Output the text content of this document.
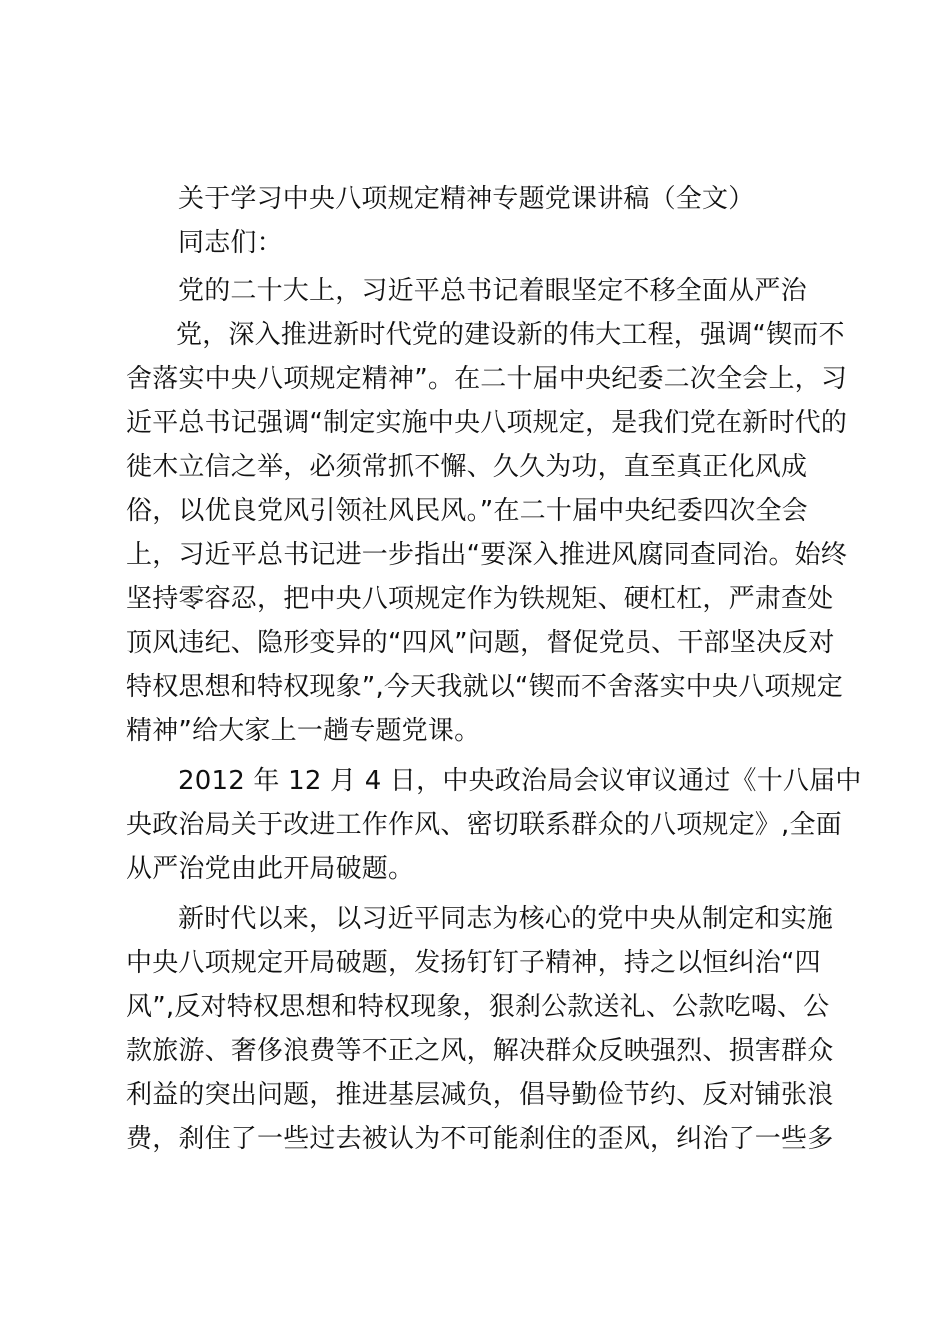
关于学习中央八项规定精神专题党课讲稿（全文）

同志们：

党的二十大上，习近平总书记着眼坚定不移全面从严治

党，深入推进新时代党的建设新的伟大工程，强调“锲而不

舍落实中央八项规定精神”。在二十届中央纪委二次全会上，习

近平总书记强调“制定实施中央八项规定，是我们党在新时代的

徙木立信之举，必须常抓不懈、久久为功，直至真正化风成

俗，以优良党风引领社风民风。”在二十届中央纪委四次全会

上，习近平总书记进一步指出“要深入推进风腐同查同治。始终

坚持零容忍，把中央八项规定作为铁规矩、硬杠杠，严肃查处

顶风违纪、隐形变异的“四风”问题，督促党员、干部坚决反对

特权思想和特权现象”,今天我就以“锲而不舍落实中央八项规定

精神”给大家上一趟专题党课。

2012 年 12 月 4 日，中央政治局会议审议通过《十八届中

央政治局关于改进工作作风、密切联系群众的八项规定》,全面

从严治党由此开局破题。

新时代以来，以习近平同志为核心的党中央从制定和实施

中央八项规定开局破题，发扬钉钉子精神，持之以恒纠治“四

风”,反对特权思想和特权现象，狠刹公款送礼、公款吃喝、公

款旅游、奢侈浪费等不正之风，解决群众反映强烈、损害群众

利益的突出问题，推进基层减负，倡导勤俭节约、反对铺张浪

费，刹住了一些过去被认为不可能刹住的歪风，纠治了一些多
